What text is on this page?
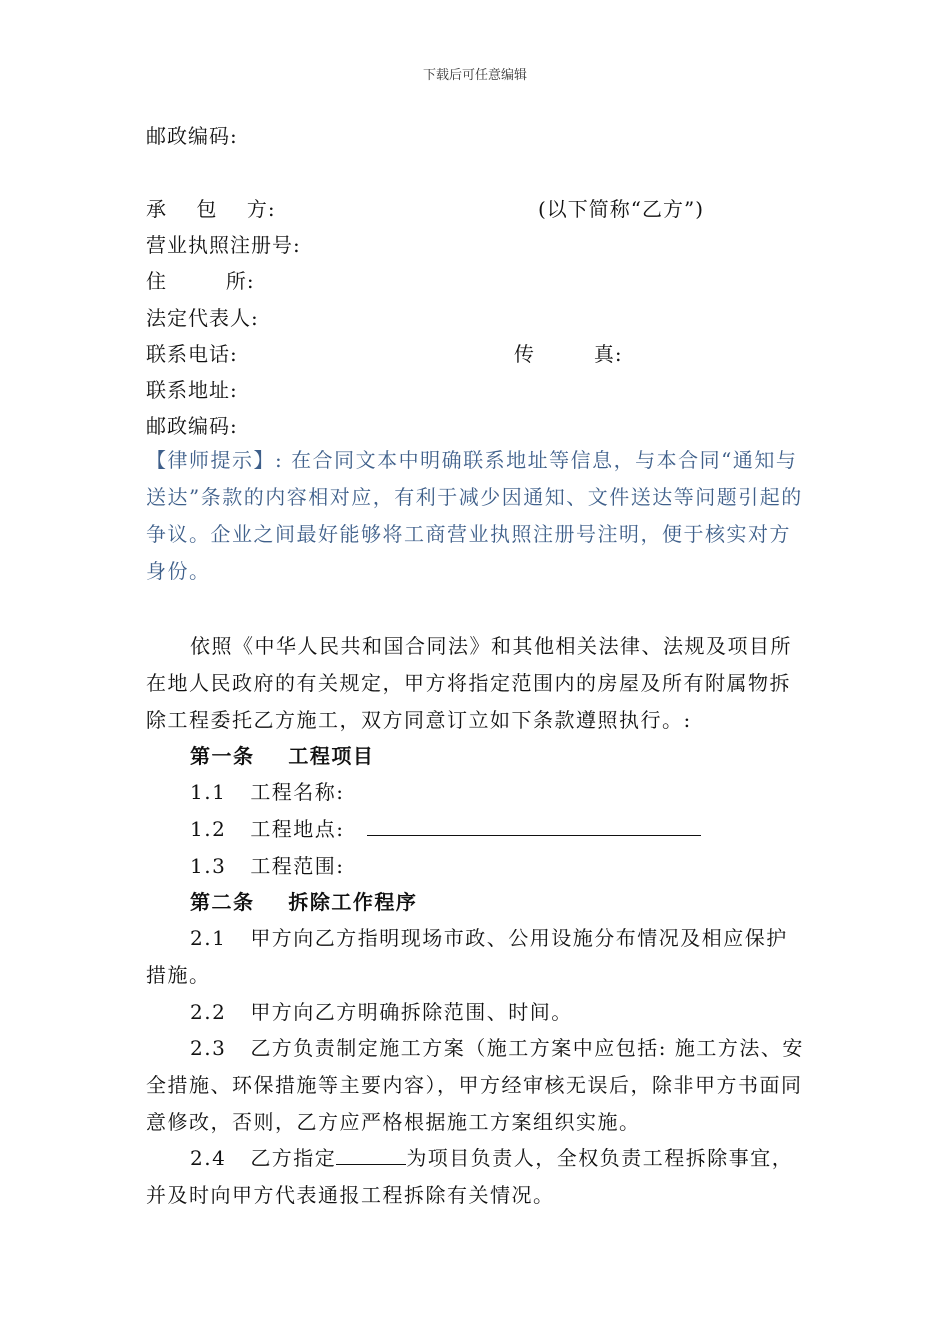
下载后可任意编辑
邮政编码:
承    包    方:	(以下简称“乙方”)
营业执照注册号:
住        所:
法定代表人:
联系电话:	传        真:
联系地址:
邮政编码:
【律师提示】: 在合同文本中明确联系地址等信息，与本合同“通知与送达”条款的内容相对应，有利于减少因通知、文件送达等问题引起的争议。企业之间最好能够将工商营业执照注册号注明，便于核实对方身份。
依照《中华人民共和国合同法》和其他相关法律、法规及项目所在地人民政府的有关规定，甲方将指定范围内的房屋及所有附属物拆除工程委托乙方施工，双方同意订立如下条款遵照执行。:
第一条    工程项目
1.1 工程名称:
1.2 工程地点:
1.3 工程范围:
第二条    拆除工作程序
2.1 甲方向乙方指明现场市政、公用设施分布情况及相应保护措施。
2.2 甲方向乙方明确拆除范围、时间。
2.3 乙方负责制定施工方案（施工方案中应包括: 施工方法、安全措施、环保措施等主要内容），甲方经审核无误后，除非甲方书面同意修改，否则，乙方应严格根据施工方案组织实施。
2.4 乙方指定	为项目负责人，全权负责工程拆除事宜，并及时向甲方代表通报工程拆除有关情况。
